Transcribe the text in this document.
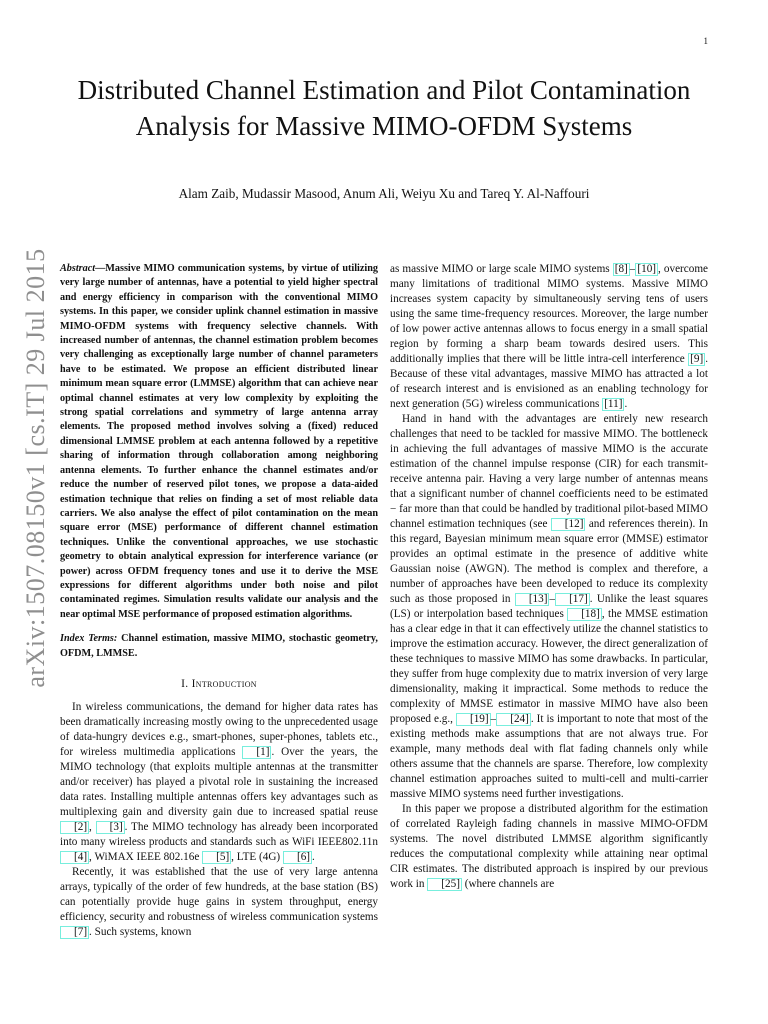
1
Distributed Channel Estimation and Pilot Contamination Analysis for Massive MIMO-OFDM Systems
Alam Zaib, Mudassir Masood, Anum Ali, Weiyu Xu and Tareq Y. Al-Naffouri
arXiv:1507.08150v1 [cs.IT] 29 Jul 2015 Abstract—Massive MIMO communication systems, by virtue of utilizing very large number of antennas, have a potential to yield higher spectral and energy efficiency in comparison with the conventional MIMO systems. In this paper, we consider uplink channel estimation in massive MIMO-OFDM systems with frequency selective channels. With increased number of antennas, the channel estimation problem becomes very challenging as exceptionally large number of channel parameters have to be estimated. We propose an efficient distributed linear minimum mean square error (LMMSE) algorithm that can achieve near optimal channel estimates at very low complexity by exploiting the strong spatial correlations and symmetry of large antenna array elements. The proposed method involves solving a (fixed) reduced dimensional LMMSE problem at each antenna followed by a repetitive sharing of information through collaboration among neighboring antenna elements. To further enhance the channel estimates and/or reduce the number of reserved pilot tones, we propose a data-aided estimation technique that relies on finding a set of most reliable data carriers. We also analyse the effect of pilot contamination on the mean square error (MSE) performance of different channel estimation techniques. Unlike the conventional approaches, we use stochastic geometry to obtain analytical expression for interference variance (or power) across OFDM frequency tones and use it to derive the MSE expressions for different algorithms under both noise and pilot contaminated regimes. Simulation results validate our analysis and the near optimal MSE performance of proposed estimation algorithms.

Index Terms: Channel estimation, massive MIMO, stochastic geometry, OFDM, LMMSE.

I. Introduction

In wireless communications, the demand for higher data rates has been dramatically increasing mostly owing to the unprecedented usage of data-hungry devices e.g., smart-phones, super-phones, tablets etc., for wireless multimedia applications [1] . Over the years, the MIMO technology (that exploits multiple antennas at the transmitter and/or receiver) has played a pivotal role in sustaining the increased data rates. Installing multiple antennas offers key advantages such as multiplexing gain and diversity gain due to increased spatial reuse [2] , [3] . The MIMO technology has already been incorporated into many wireless products and standards such as WiFi IEEE802.11n [4] , WiMAX IEEE 802.16e [5] , LTE (4G) [6] .

Recently, it was established that the use of very large antenna arrays, typically of the order of few hundreds, at the base station (BS) can potentially provide huge gains in system throughput, energy efficiency, security and robustness of wireless communication systems [7] . Such systems, known

as massive MIMO or large scale MIMO systems [8] – [10] , overcome many limitations of traditional MIMO systems. Massive MIMO increases system capacity by simultaneously serving tens of users using the same time-frequency resources. Moreover, the large number of low power active antennas allows to focus energy in a small spatial region by forming a sharp beam towards desired users. This additionally implies that there will be little intra-cell interference [9] . Because of these vital advantages, massive MIMO has attracted a lot of research interest and is envisioned as an enabling technology for next generation (5G) wireless communications [11] .

Hand in hand with the advantages are entirely new research challenges that need to be tackled for massive MIMO. The bottleneck in achieving the full advantages of massive MIMO is the accurate estimation of the channel impulse response (CIR) for each transmit-receive antenna pair. Having a very large number of antennas means that a significant number of channel coefficients need to be estimated − far more than that could be handled by traditional pilot-based MIMO channel estimation techniques (see [12] and references therein). In this regard, Bayesian minimum mean square error (MMSE) estimator provides an optimal estimate in the presence of additive white Gaussian noise (AWGN). The method is complex and therefore, a number of approaches have been developed to reduce its complexity such as those proposed in [13] – [17] . Unlike the least squares (LS) or interpolation based techniques [18] , the MMSE estimation has a clear edge in that it can effectively utilize the channel statistics to improve the estimation accuracy. However, the direct generalization of these techniques to massive MIMO has some drawbacks. In particular, they suffer from huge complexity due to matrix inversion of very large dimensionality, making it impractical. Some methods to reduce the complexity of MMSE estimator in massive MIMO have also been proposed e.g., [19] – [24] . It is important to note that most of the existing methods make assumptions that are not always true. For example, many methods deal with flat fading channels only while others assume that the channels are sparse. Therefore, low complexity channel estimation approaches suited to multi-cell and multi-carrier massive MIMO systems need further investigations.

In this paper we propose a distributed algorithm for the estimation of correlated Rayleigh fading channels in massive MIMO-OFDM systems. The novel distributed LMMSE algorithm significantly reduces the computational complexity while attaining near optimal CIR estimates. The distributed approach is inspired by our previous work in [25] (where channels are
